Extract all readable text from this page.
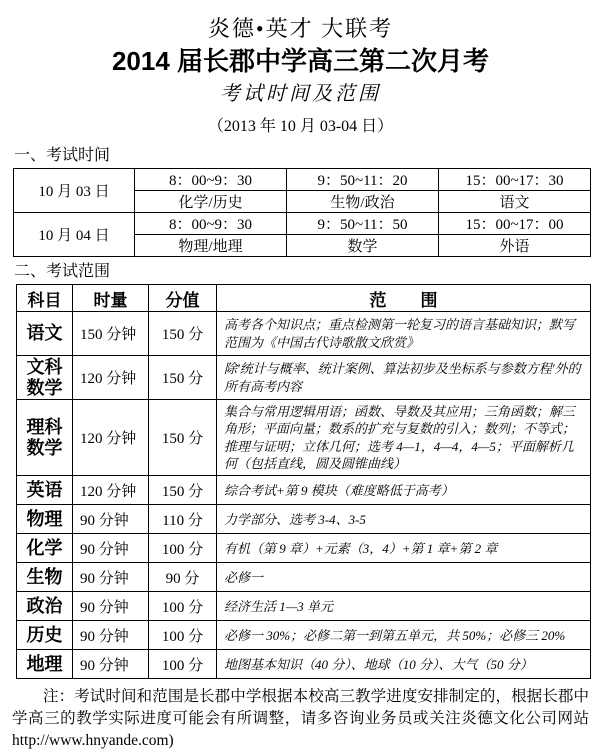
炎德•英才 大联考
2014 届长郡中学高三第二次月考
考试时间及范围
（2013 年 10 月 03-04 日）
一、考试时间
10 月 03 日	8：00~9：30	9：50~11：20	15：00~17：30
	化学/历史	生物/政治	语文
10 月 04 日	8：00~9：30	9：50~11：50	15：00~17：00
	物理/地理	数学	外语
二、考试范围
科目	时量	分值	范　　围
语文	150 分钟	150 分	高考各个知识点；重点检测第一轮复习的语言基础知识；默写范围为《中国古代诗歌散文欣赏》
文科数学	120 分钟	150 分	除'统计与概率、统计案例、算法初步及坐标系与参数方程'外的所有高考内容
理科数学	120 分钟	150 分	集合与常用逻辑用语；函数、导数及其应用；三角函数；解三角形；平面向量；数系的扩充与复数的引入；数列；不等式；推理与证明；立体几何；选考 4—1，4—4，4—5；平面解析几何（包括直线，圆及圆锥曲线）
英语	120 分钟	150 分	综合考试+第 9 模块（难度略低于高考）
物理	90 分钟	110 分	力学部分、选考 3-4、3-5
化学	90 分钟	100 分	有机（第 9 章）+元素（3，4）+第 1 章+第 2 章
生物	90 分钟	90 分	必修一
政治	90 分钟	100 分	经济生活 1—3 单元
历史	90 分钟	100 分	必修一 30%；必修二第一到第五单元，共 50%；必修三 20%
地理	90 分钟	100 分	地图基本知识（40 分）、地球（10 分）、大气（50 分）
注：考试时间和范围是长郡中学根据本校高三教学进度安排制定的，根据长郡中学高三的教学实际进度可能会有所调整，请多咨询业务员或关注炎德文化公司网站 http://www.hnyande.com)
